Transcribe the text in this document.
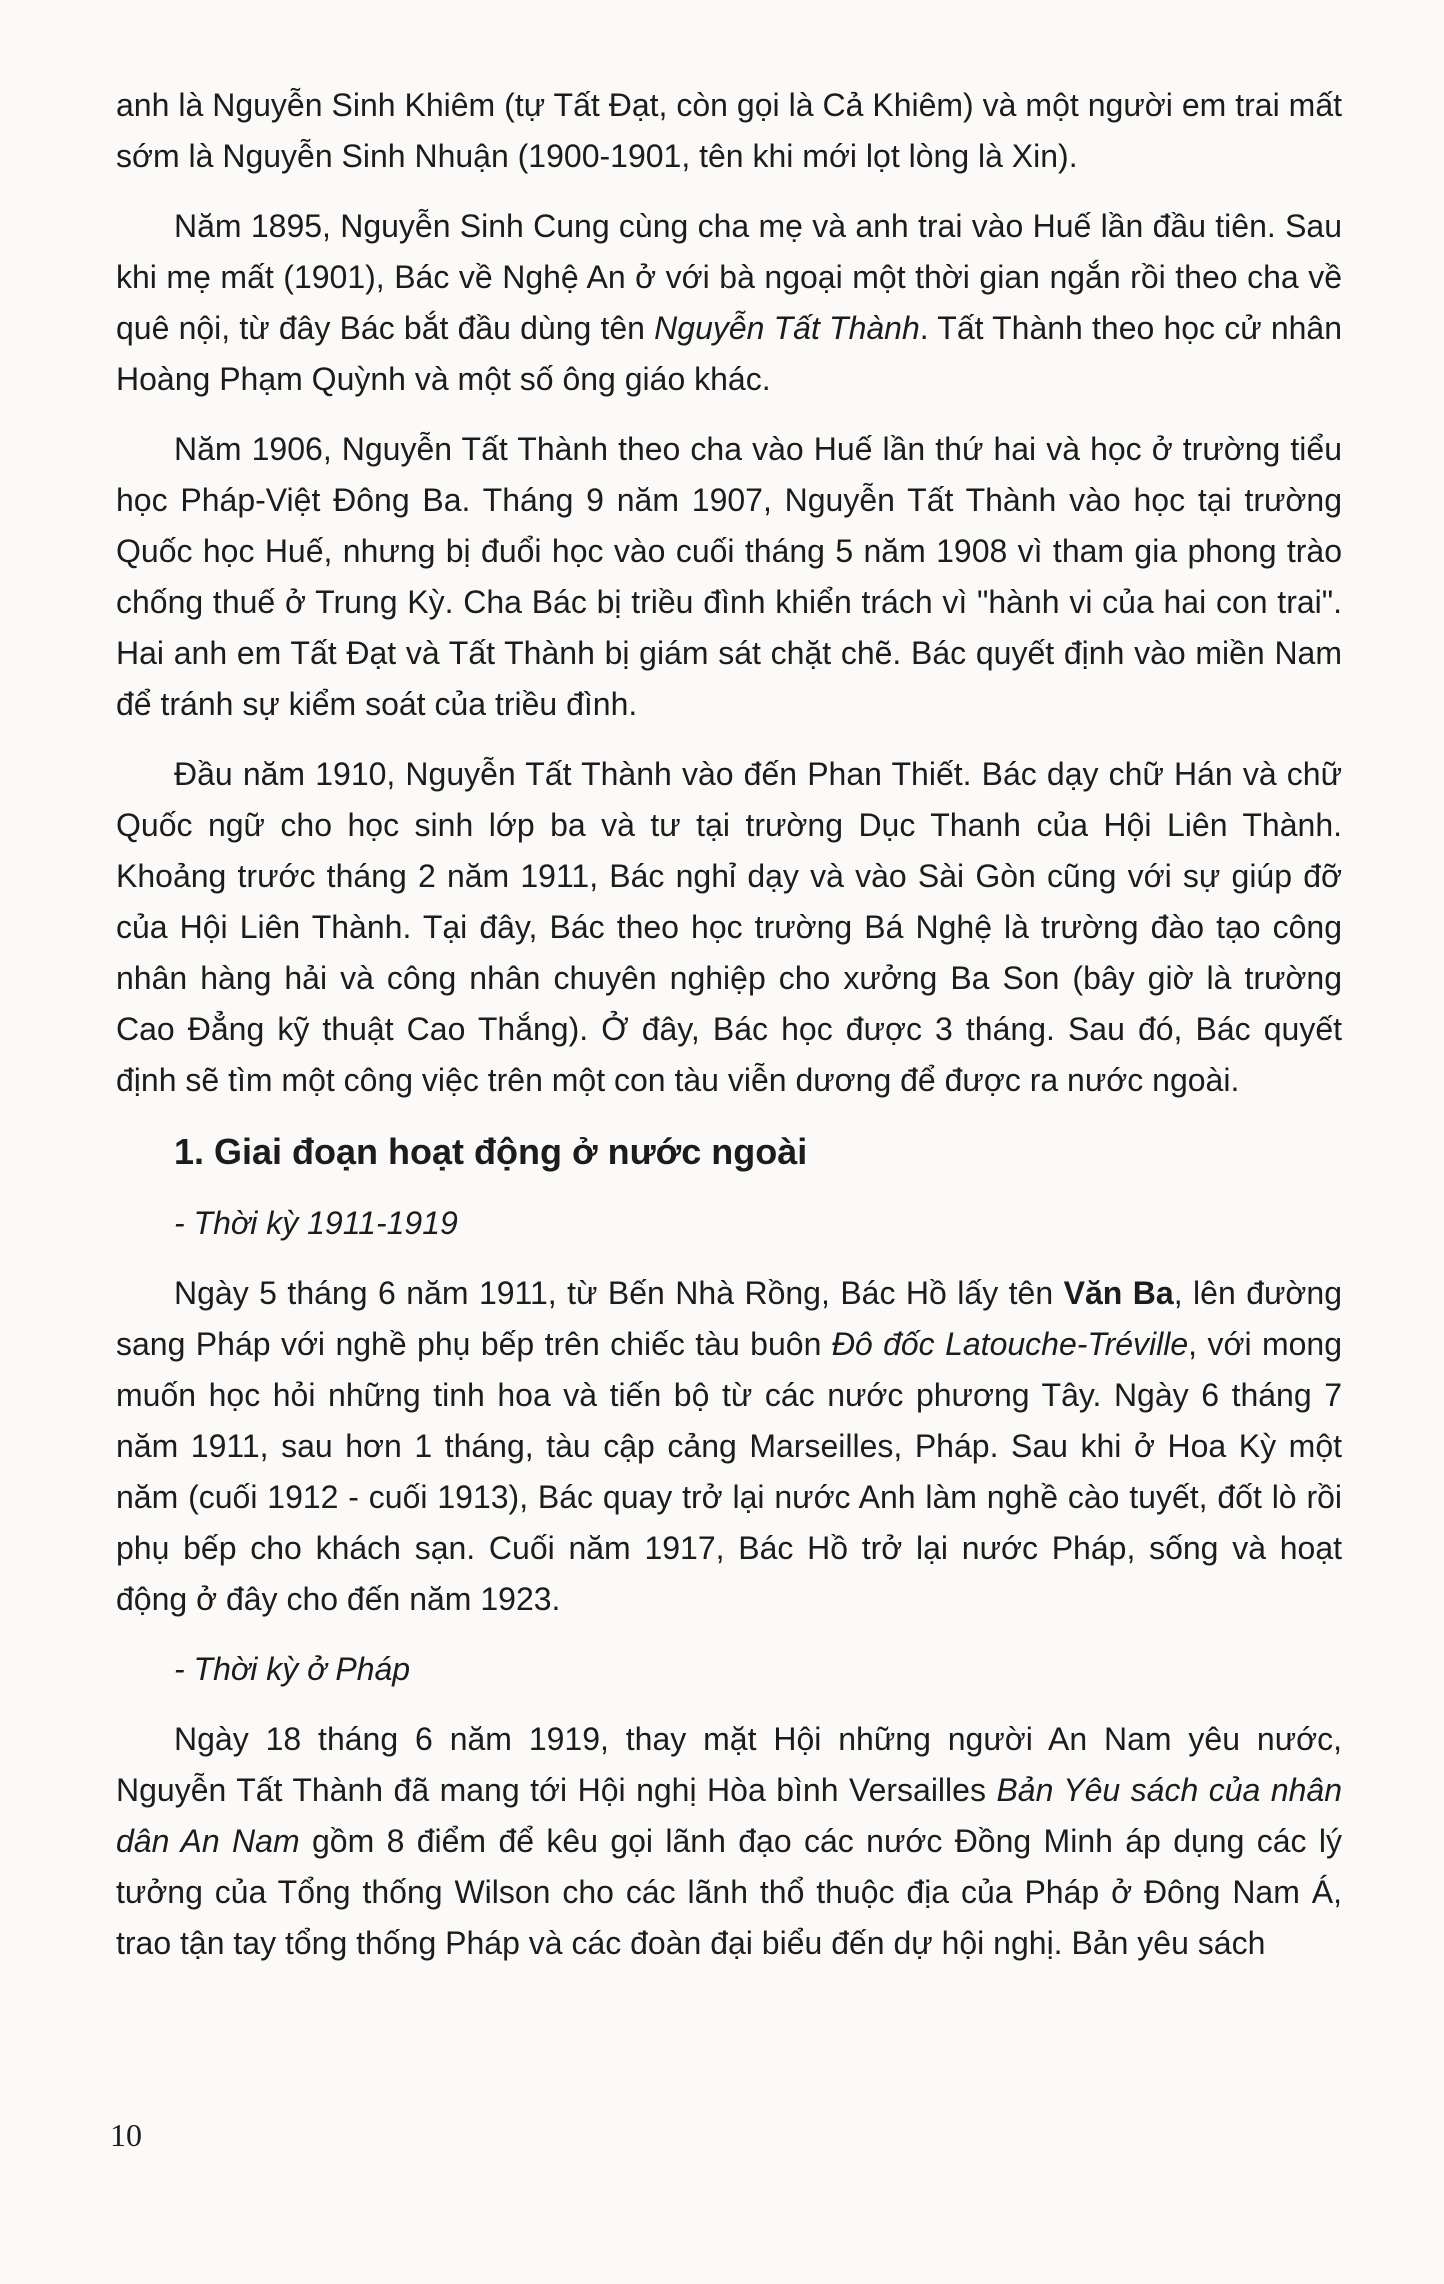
anh là Nguyễn Sinh Khiêm (tự Tất Đạt, còn gọi là Cả Khiêm) và một người em trai mất sớm là Nguyễn Sinh Nhuận (1900-1901, tên khi mới lọt lòng là Xin).

Năm 1895, Nguyễn Sinh Cung cùng cha mẹ và anh trai vào Huế lần đầu tiên. Sau khi mẹ mất (1901), Bác về Nghệ An ở với bà ngoại một thời gian ngắn rồi theo cha về quê nội, từ đây Bác bắt đầu dùng tên Nguyễn Tất Thành. Tất Thành theo học cử nhân Hoàng Phạm Quỳnh và một số ông giáo khác.

Năm 1906, Nguyễn Tất Thành theo cha vào Huế lần thứ hai và học ở trường tiểu học Pháp-Việt Đông Ba. Tháng 9 năm 1907, Nguyễn Tất Thành vào học tại trường Quốc học Huế, nhưng bị đuổi học vào cuối tháng 5 năm 1908 vì tham gia phong trào chống thuế ở Trung Kỳ. Cha Bác bị triều đình khiển trách vì "hành vi của hai con trai". Hai anh em Tất Đạt và Tất Thành bị giám sát chặt chẽ. Bác quyết định vào miền Nam để tránh sự kiểm soát của triều đình.

Đầu năm 1910, Nguyễn Tất Thành vào đến Phan Thiết. Bác dạy chữ Hán và chữ Quốc ngữ cho học sinh lớp ba và tư tại trường Dục Thanh của Hội Liên Thành. Khoảng trước tháng 2 năm 1911, Bác nghỉ dạy và vào Sài Gòn cũng với sự giúp đỡ của Hội Liên Thành. Tại đây, Bác theo học trường Bá Nghệ là trường đào tạo công nhân hàng hải và công nhân chuyên nghiệp cho xưởng Ba Son (bây giờ là trường Cao Đẳng kỹ thuật Cao Thắng). Ở đây, Bác học được 3 tháng. Sau đó, Bác quyết định sẽ tìm một công việc trên một con tàu viễn dương để được ra nước ngoài.

1. Giai đoạn hoạt động ở nước ngoài
- Thời kỳ 1911-1919

Ngày 5 tháng 6 năm 1911, từ Bến Nhà Rồng, Bác Hồ lấy tên Văn Ba, lên đường sang Pháp với nghề phụ bếp trên chiếc tàu buôn Đô đốc Latouche-Tréville, với mong muốn học hỏi những tinh hoa và tiến bộ từ các nước phương Tây. Ngày 6 tháng 7 năm 1911, sau hơn 1 tháng, tàu cập cảng Marseilles, Pháp. Sau khi ở Hoa Kỳ một năm (cuối 1912 - cuối 1913), Bác quay trở lại nước Anh làm nghề cào tuyết, đốt lò rồi phụ bếp cho khách sạn. Cuối năm 1917, Bác Hồ trở lại nước Pháp, sống và hoạt động ở đây cho đến năm 1923.

- Thời kỳ ở Pháp

Ngày 18 tháng 6 năm 1919, thay mặt Hội những người An Nam yêu nước, Nguyễn Tất Thành đã mang tới Hội nghị Hòa bình Versailles Bản Yêu sách của nhân dân An Nam gồm 8 điểm để kêu gọi lãnh đạo các nước Đồng Minh áp dụng các lý tưởng của Tổng thống Wilson cho các lãnh thổ thuộc địa của Pháp ở Đông Nam Á, trao tận tay tổng thống Pháp và các đoàn đại biểu đến dự hội nghị. Bản yêu sách

10
